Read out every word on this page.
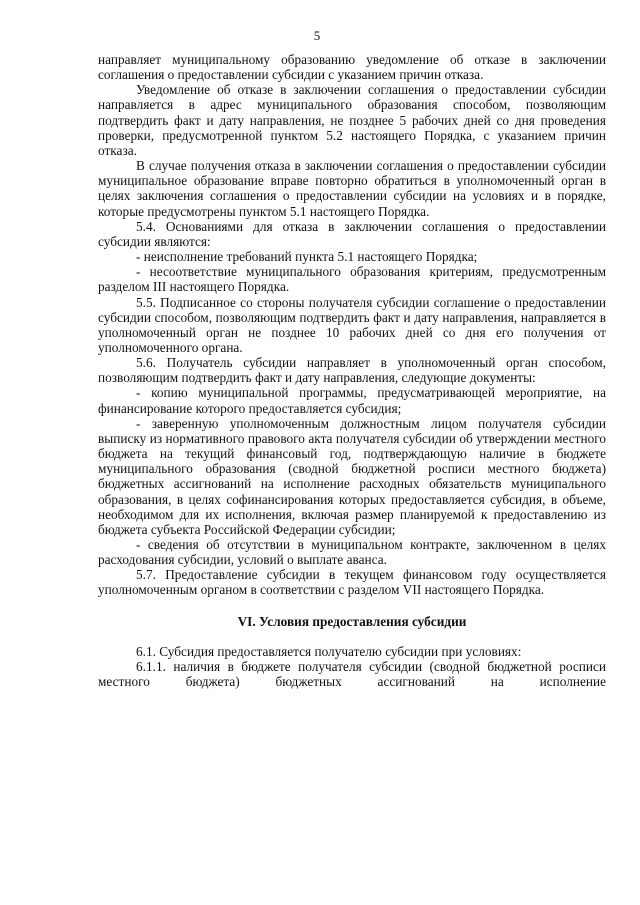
5

направляет муниципальному образованию уведомление об отказе в заключении соглашения о предоставлении субсидии с указанием причин отказа.

Уведомление об отказе в заключении соглашения о предоставлении субсидии направляется в адрес муниципального образования способом, позволяющим подтвердить факт и дату направления, не позднее 5 рабочих дней со дня проведения проверки, предусмотренной пунктом 5.2 настоящего Порядка, с указанием причин отказа.

В случае получения отказа в заключении соглашения о предоставлении субсидии муниципальное образование вправе повторно обратиться в уполномоченный орган в целях заключения соглашения о предоставлении субсидии на условиях и в порядке, которые предусмотрены пунктом 5.1 настоящего Порядка.

5.4. Основаниями для отказа в заключении соглашения о предоставлении субсидии являются:

- неисполнение требований пункта 5.1 настоящего Порядка;

- несоответствие муниципального образования критериям, предусмотренным разделом III настоящего Порядка.

5.5. Подписанное со стороны получателя субсидии соглашение о предоставлении субсидии способом, позволяющим подтвердить факт и дату направления, направляется в уполномоченный орган не позднее 10 рабочих дней со дня его получения от уполномоченного органа.

5.6. Получатель субсидии направляет в уполномоченный орган способом, позволяющим подтвердить факт и дату направления, следующие документы:

- копию муниципальной программы, предусматривающей мероприятие, на финансирование которого предоставляется субсидия;

- заверенную уполномоченным должностным лицом получателя субсидии выписку из нормативного правового акта получателя субсидии об утверждении местного бюджета на текущий финансовый год, подтверждающую наличие в бюджете муниципального образования (сводной бюджетной росписи местного бюджета) бюджетных ассигнований на исполнение расходных обязательств муниципального образования, в целях софинансирования которых предоставляется субсидия, в объеме, необходимом для их исполнения, включая размер планируемой к предоставлению из бюджета субъекта Российской Федерации субсидии;

- сведения об отсутствии в муниципальном контракте, заключенном в целях расходования субсидии, условий о выплате аванса.

5.7. Предоставление субсидии в текущем финансовом году осуществляется уполномоченным органом в соответствии с разделом VII настоящего Порядка.

VI. Условия предоставления субсидии

6.1. Субсидия предоставляется получателю субсидии при условиях:

6.1.1. наличия в бюджете получателя субсидии (сводной бюджетной росписи местного бюджета) бюджетных ассигнований на исполнение
